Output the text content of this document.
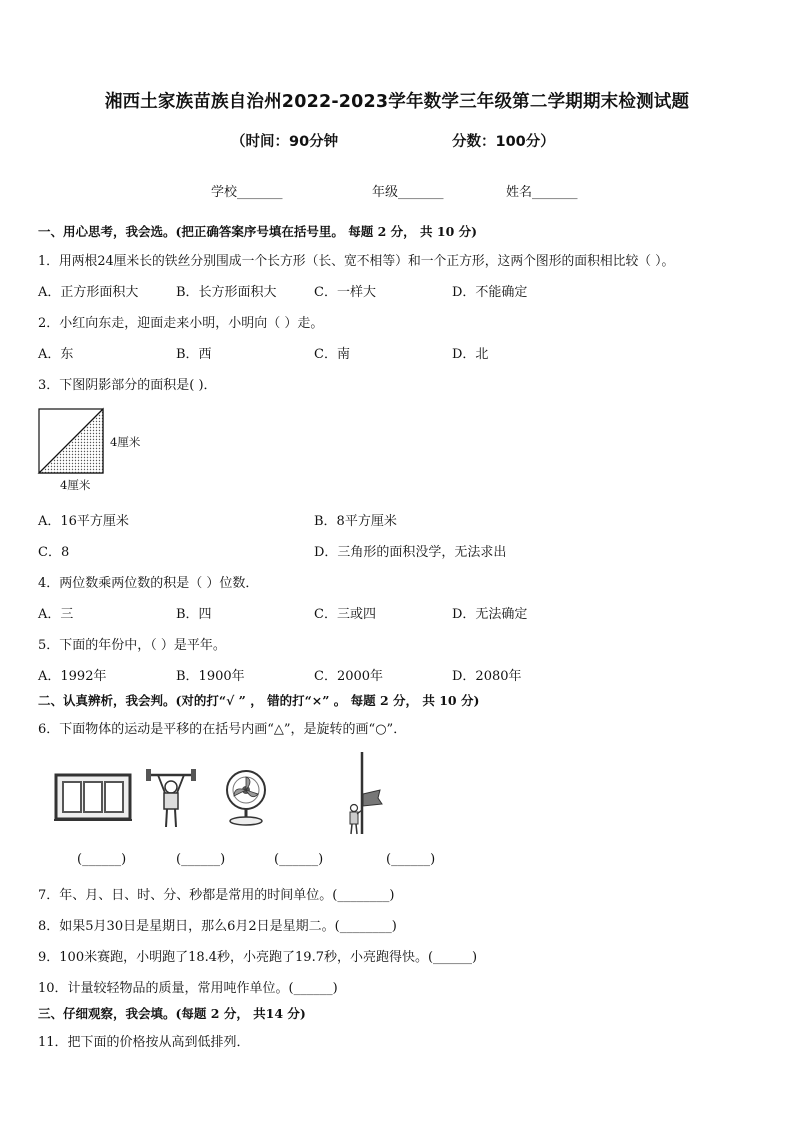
湘西土家族苗族自治州2022-2023学年数学三年级第二学期期末检测试题
（时间：90分钟	分数：100分）
学校_______	年级_______	姓名_______
一、用心思考，我会选。(把正确答案序号填在括号里。 每题 2 分， 共 10 分)
1．用两根24厘米长的铁丝分别围成一个长方形（长、宽不相等）和一个正方形，这两个图形的面积相比较（ ）。
A．正方形面积大	B．长方形面积大	C．一样大	D．不能确定
2．小红向东走，迎面走来小明，小明向（ ）走。
A．东	B．西	C．南	D．北
3．下图阴影部分的面积是( )．
4厘米
4厘米
A．16平方厘米	B．8平方厘米
C．8	D．三角形的面积没学，无法求出
4．两位数乘两位数的积是（ ）位数．
A．三	B．四	C．三或四	D．无法确定
5．下面的年份中，（ ）是平年。
A．1992年	B．1900年	C．2000年	D．2080年
二、认真辨析，我会判。(对的打“√ ” ， 错的打“×” 。 每题 2 分， 共 10 分)
6．下面物体的运动是平移的在括号内画“△”，是旋转的画“○”．
(______)	(______)	(______)	(______)
7．年、月、日、时、分、秒都是常用的时间单位。(________)
8．如果5月30日是星期日，那么6月2日是星期二。(________)
9．100米赛跑，小明跑了18.4秒，小亮跑了19.7秒，小亮跑得快。(______)
10．计量较轻物品的质量，常用吨作单位。(______)
三、仔细观察，我会填。(每题 2 分， 共14 分)
11．把下面的价格按从高到低排列．
